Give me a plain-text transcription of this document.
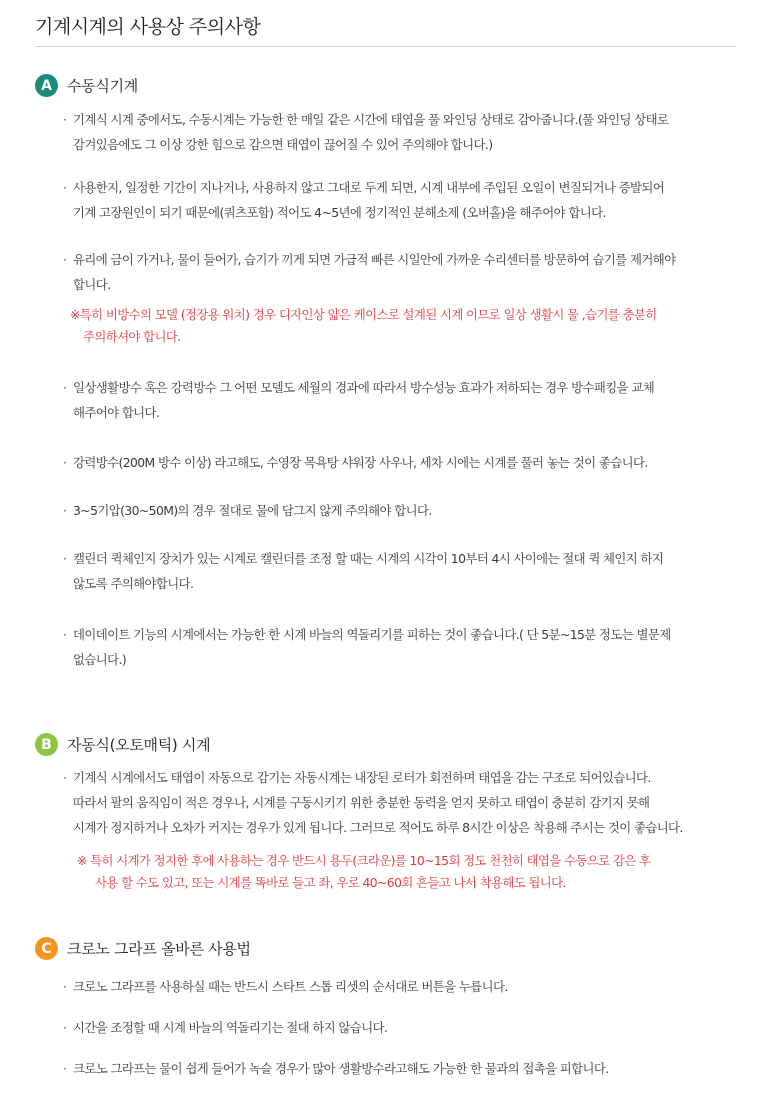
기계시계의 사용상 주의사항
A	수동식기계
· 기계식 시계 중에서도, 수동시계는 가능한 한 매일 같은 시간에 태엽을 풀 와인딩 상태로 감아줍니다.(풀 와인딩 상태로
감겨있음에도 그 이상 강한 힘으로 감으면 태엽이 끊어질 수 있어 주의해야 합니다.)
· 사용한지, 일정한 기간이 지나거나, 사용하지 않고 그대로 두게 되면, 시계 내부에 주입된 오일이 변질되거나 증발되어
기계 고장원인이 되기 때문에(쿼츠포함) 적어도 4~5년에 정기적인 분해소제 (오버홀)을 해주어야 합니다.
· 유리에 금이 가거나, 물이 들어가, 습기가 끼게 되면 가급적 빠른 시일안에 가까운 수리센터를 방문하여 습기를 제거해야
합니다.
※특히 비방수의 모델 (정장용 워치) 경우 디자인상 얇은 케이스로 설계된 시계 이므로 일상 생활시 물 ,습기를 충분히
주의하셔야 합니다.
· 일상생활방수 혹은 강력방수 그 어떤 모델도 세월의 경과에 따라서 방수성능 효과가 저하되는 경우 방수패킹을 교체
해주어야 합니다.
· 강력방수(200M 방수 이상) 라고해도, 수영장 목욕탕 샤워장 사우나, 세차 시에는 시계를 풀러 놓는 것이 좋습니다.
· 3~5기압(30~50M)의 경우 절대로 물에 담그지 않게 주의해야 합니다.
· 캘린더 퀵체인지 장치가 있는 시계로 캘린더를 조정 할 때는 시계의 시각이 10부터 4시 사이에는 절대 퀵 체인지 하지
않도록 주의해야합니다.
· 데이데이트 기능의 시계에서는 가능한 한 시계 바늘의 역돌리기를 피하는 것이 좋습니다.( 단 5분~15분 정도는 별문제
없습니다.)
B	자동식(오토매틱) 시계
· 기계식 시계에서도 태엽이 자동으로 감기는 자동시계는 내장된 로터가 회전하며 태엽을 감는 구조로 되어있습니다.
따라서 팔의 움직임이 적은 경우나, 시계를 구동시키기 위한 충분한 동력을 얻지 못하고 태엽이 충분히 감기지 못해
시계가 정지하거나 오차가 커지는 경우가 있게 됩니다. 그러므로 적어도 하루 8시간 이상은 착용해 주시는 것이 좋습니다.
※ 특히 시계가 정지한 후에 사용하는 경우 반드시 용두(크라운)를 10~15회 정도 천천히 태엽을 수동으로 감은 후
사용 할 수도 있고, 또는 시계를 똑바로 들고 좌, 우로 40~60회 흔들고 나서 착용해도 됩니다.
C	크로노 그라프 올바른 사용법
· 크로노 그라프를 사용하실 때는 반드시 스타트 스톱 리셋의 순서대로 버튼을 누릅니다.
· 시간을 조정할 때 시계 바늘의 역돌리기는 절대 하지 않습니다.
· 크로노 그라프는 물이 쉽게 들어가 녹슬 경우가 많아 생활방수라고해도 가능한 한 물과의 접촉을 피합니다.
